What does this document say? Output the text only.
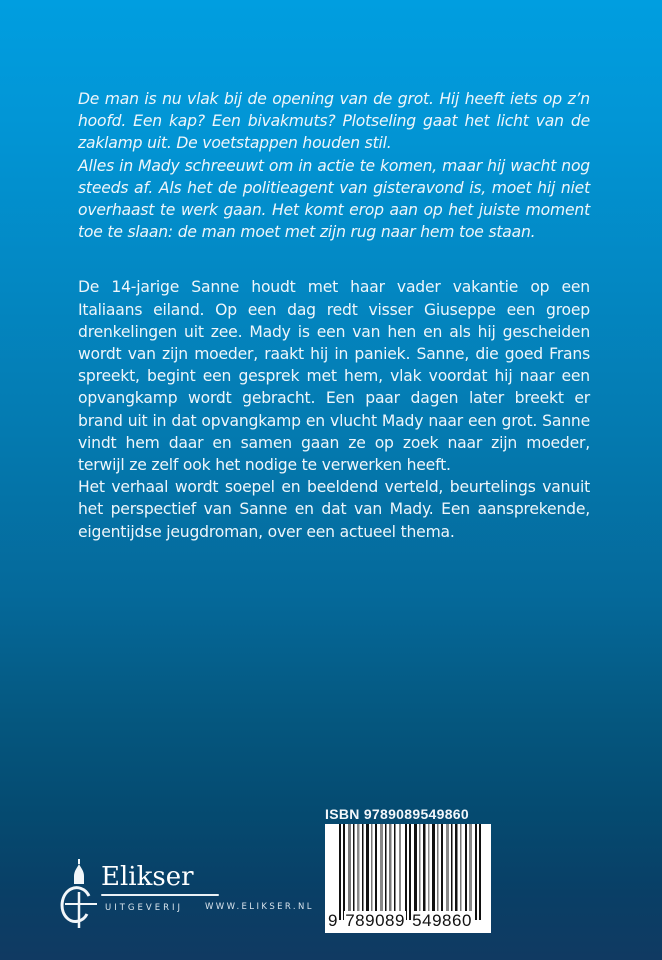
De man is nu vlak bij de opening van de grot. Hij heeft iets op z’n hoofd. Een kap? Een bivakmuts? Plotseling gaat het licht van de zaklamp uit. De voetstappen houden stil.

Alles in Mady schreeuwt om in actie te komen, maar hij wacht nog steeds af. Als het de politieagent van gisteravond is, moet hij niet overhaast te werk gaan. Het komt erop aan op het juiste moment toe te slaan: de man moet met zijn rug naar hem toe staan.

De 14-jarige Sanne houdt met haar vader vakantie op een Italiaans eiland. Op een dag redt visser Giuseppe een groep drenkelingen uit zee. Mady is een van hen en als hij gescheiden wordt van zijn moeder, raakt hij in paniek. Sanne, die goed Frans spreekt, begint een gesprek met hem, vlak voordat hij naar een opvangkamp wordt gebracht. Een paar dagen later breekt er brand uit in dat opvangkamp en vlucht Mady naar een grot. Sanne vindt hem daar en samen gaan ze op zoek naar zijn moeder, terwijl ze zelf ook het nodige te verwerken heeft.

Het verhaal wordt soepel en beeldend verteld, beurtelings vanuit het perspectief van Sanne en dat van Mady. Een aansprekende, eigentijdse jeugdroman, over een actueel thema.

ISBN 9789089549860
9 789089 549860
Elikser
UITGEVERIJ	WWW.ELIKSER.NL
